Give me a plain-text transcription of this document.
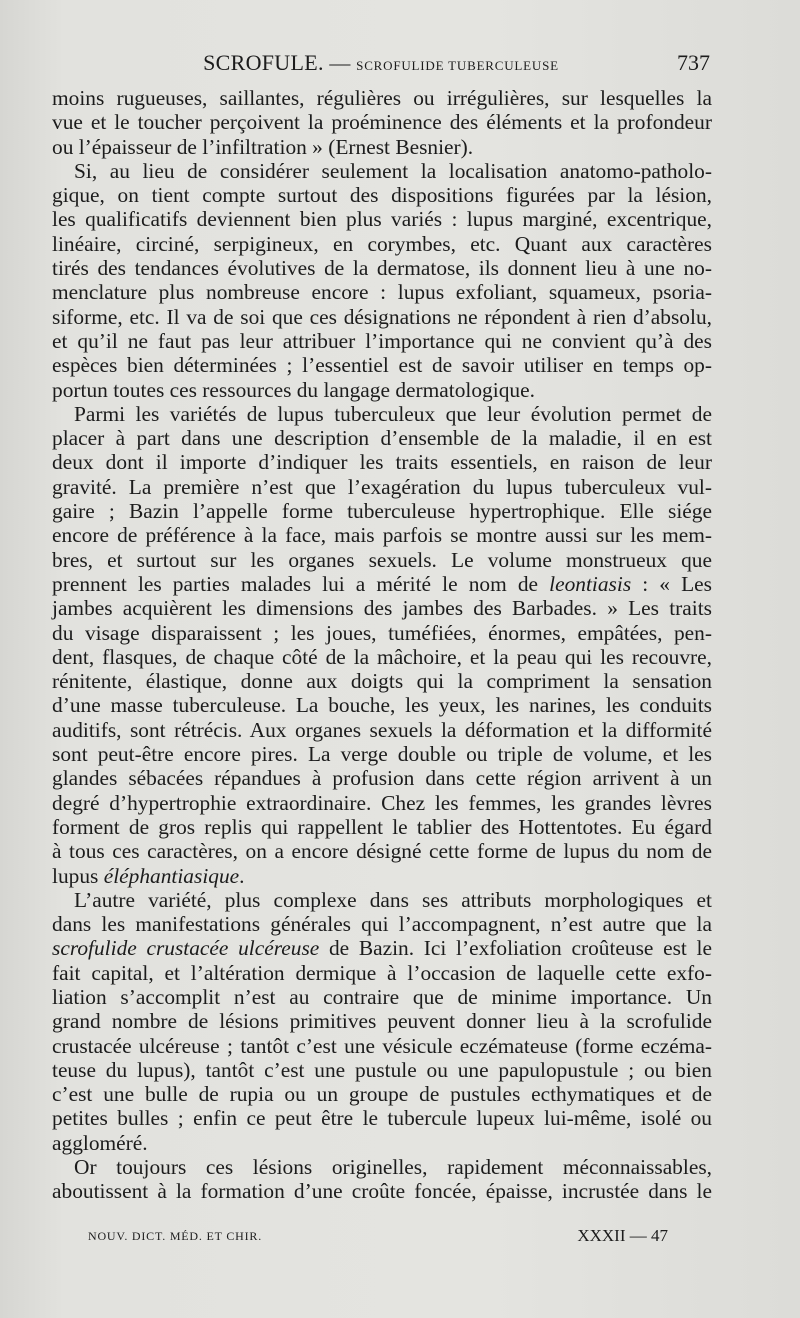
SCROFULE. — SCROFULIDE TUBERCULEUSE	737
moins rugueuses, saillantes, régulières ou irrégulières, sur lesquelles la
vue et le toucher perçoivent la proéminence des éléments et la profondeur
ou l’épaisseur de l’infiltration » (Ernest Besnier).
Si, au lieu de considérer seulement la localisation anatomo-patholo-
gique, on tient compte surtout des dispositions figurées par la lésion,
les qualificatifs deviennent bien plus variés : lupus marginé, excentrique,
linéaire, circiné, serpigineux, en corymbes, etc. Quant aux caractères
tirés des tendances évolutives de la dermatose, ils donnent lieu à une no-
menclature plus nombreuse encore : lupus exfoliant, squameux, psoria-
siforme, etc. Il va de soi que ces désignations ne répondent à rien d’absolu,
et qu’il ne faut pas leur attribuer l’importance qui ne convient qu’à des
espèces bien déterminées ; l’essentiel est de savoir utiliser en temps op-
portun toutes ces ressources du langage dermatologique.
Parmi les variétés de lupus tuberculeux que leur évolution permet de
placer à part dans une description d’ensemble de la maladie, il en est
deux dont il importe d’indiquer les traits essentiels, en raison de leur
gravité. La première n’est que l’exagération du lupus tuberculeux vul-
gaire ; Bazin l’appelle forme tuberculeuse hypertrophique. Elle siége
encore de préférence à la face, mais parfois se montre aussi sur les mem-
bres, et surtout sur les organes sexuels. Le volume monstrueux que
prennent les parties malades lui a mérité le nom de leontiasis : « Les
jambes acquièrent les dimensions des jambes des Barbades. » Les traits
du visage disparaissent ; les joues, tuméfiées, énormes, empâtées, pen-
dent, flasques, de chaque côté de la mâchoire, et la peau qui les recouvre,
rénitente, élastique, donne aux doigts qui la compriment la sensation
d’une masse tuberculeuse. La bouche, les yeux, les narines, les conduits
auditifs, sont rétrécis. Aux organes sexuels la déformation et la difformité
sont peut-être encore pires. La verge double ou triple de volume, et les
glandes sébacées répandues à profusion dans cette région arrivent à un
degré d’hypertrophie extraordinaire. Chez les femmes, les grandes lèvres
forment de gros replis qui rappellent le tablier des Hottentotes. Eu égard
à tous ces caractères, on a encore désigné cette forme de lupus du nom de
lupus éléphantiasique.
L’autre variété, plus complexe dans ses attributs morphologiques et
dans les manifestations générales qui l’accompagnent, n’est autre que la
scrofulide crustacée ulcéreuse de Bazin. Ici l’exfoliation croûteuse est le
fait capital, et l’altération dermique à l’occasion de laquelle cette exfo-
liation s’accomplit n’est au contraire que de minime importance. Un
grand nombre de lésions primitives peuvent donner lieu à la scrofulide
crustacée ulcéreuse ; tantôt c’est une vésicule eczémateuse (forme eczéma-
teuse du lupus), tantôt c’est une pustule ou une papulopustule ; ou bien
c’est une bulle de rupia ou un groupe de pustules ecthymatiques et de
petites bulles ; enfin ce peut être le tubercule lupeux lui-même, isolé ou
aggloméré.
Or toujours ces lésions originelles, rapidement méconnaissables,
aboutissent à la formation d’une croûte foncée, épaisse, incrustée dans le
NOUV. DICT. MÉD. ET CHIR.	XXXII — 47
